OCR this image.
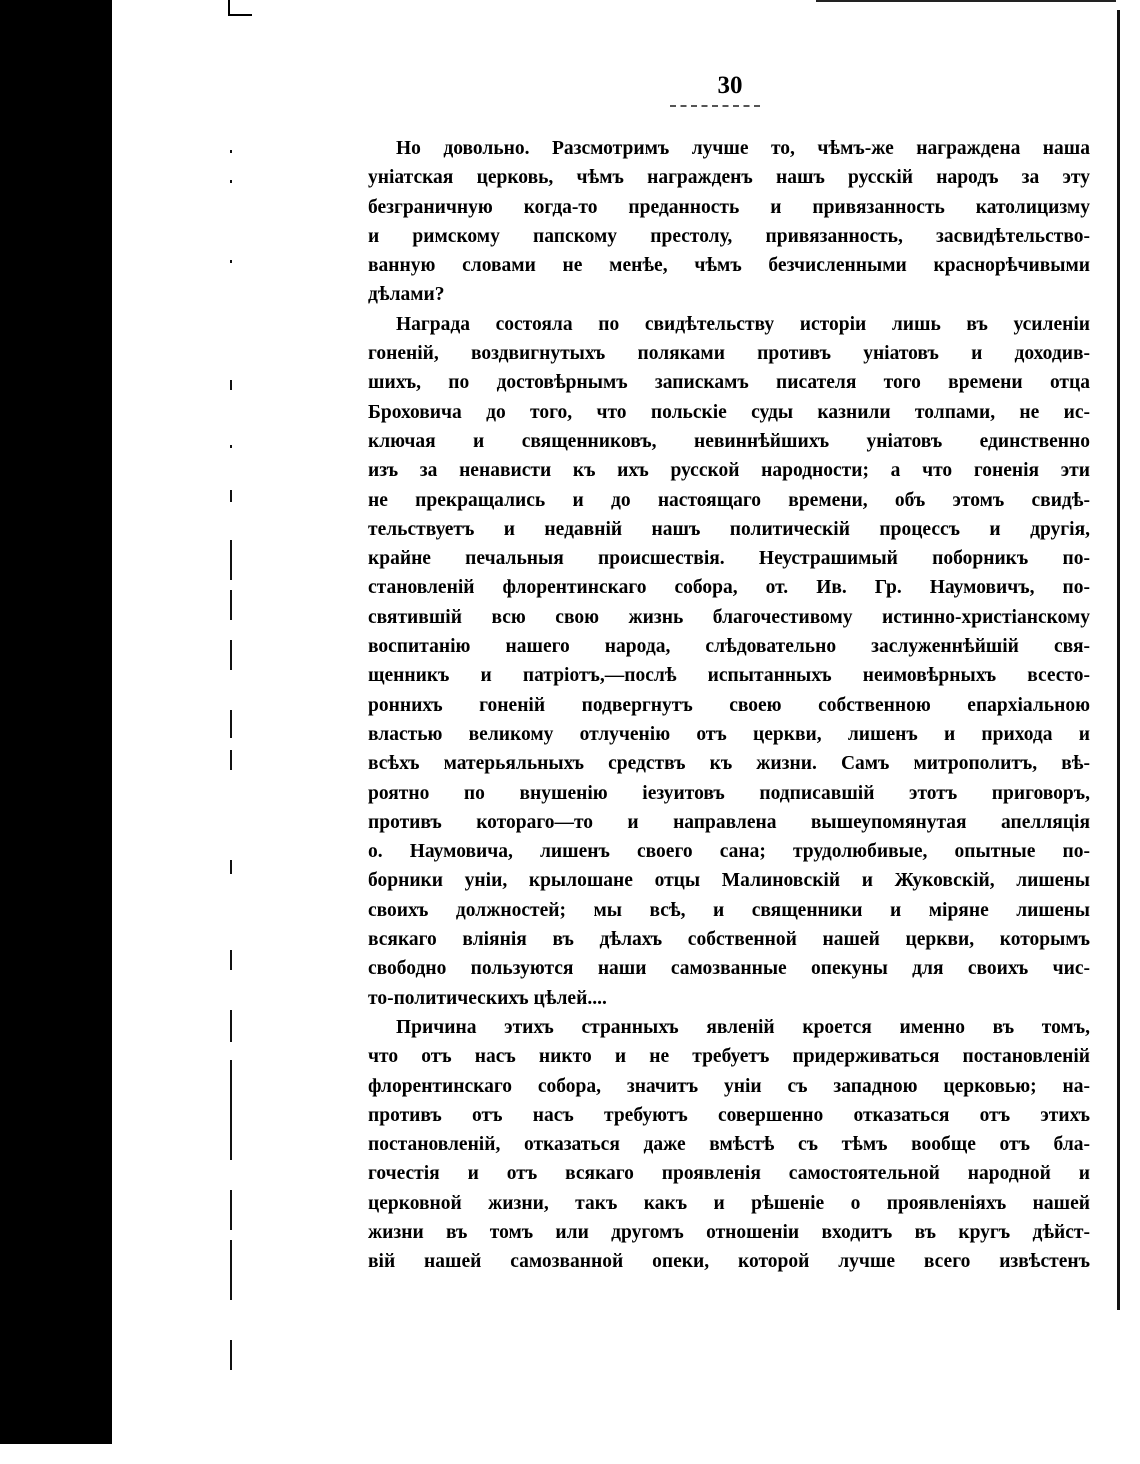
30

Но довольно. Разсмотримъ лучше то, чѣмъ-же награждена наша
уніатская церковь, чѣмъ награжденъ нашъ русскій народъ за эту
безграничную когда-то преданность и привязанность католицизму
и римскому папскому престолу, привязанность, засвидѣтельство-
ванную словами не менѣе, чѣмъ безчисленными краснорѣчивыми
дѣлами?

Награда состояла по свидѣтельству исторіи лишь въ усиленіи
гоненій, воздвигнутыхъ поляками противъ уніатовъ и доходив-
шихъ, по достовѣрнымъ запискамъ писателя того времени отца
Броховича до того, что польскіе суды казнили толпами, не ис-
ключая и священниковъ, невиннѣйшихъ уніатовъ единственно
изъ за ненависти къ ихъ русской народности; а что гоненія эти
не прекращались и до настоящаго времени, объ этомъ свидѣ-
тельствуетъ и недавній нашъ политическій процессъ и другія,
крайне печальныя происшествія. Неустрашимый поборникъ по-
становленій флорентинскаго собора, от. Ив. Гр. Наумовичъ, по-
святившій всю свою жизнь благочестивому истинно-христіанскому
воспитанію нашего народа, слѣдовательно заслуженнѣйшій свя-
щенникъ и патріотъ,—послѣ испытанныхъ неимовѣрныхъ всесто-
роннихъ гоненій подвергнутъ своею собственною епархіальною
властью великому отлученію отъ церкви, лишенъ и прихода и
всѣхъ матерьяльныхъ средствъ къ жизни. Самъ митрополитъ, вѣ-
роятно по внушенію іезуитовъ подписавшій этотъ приговоръ,
противъ котораго—то и направлена вышеупомянутая апелляція
о. Наумовича, лишенъ своего сана; трудолюбивые, опытные по-
борники уніи, крылошане отцы Малиновскій и Жуковскій, лишены
своихъ должностей; мы всѣ, и священники и міряне лишены
всякаго вліянія въ дѣлахъ собственной нашей церкви, которымъ
свободно пользуются наши самозванные опекуны для своихъ чис-
то-политическихъ цѣлей....

Причина этихъ странныхъ явленій кроется именно въ томъ,
что отъ насъ никто и не требуетъ придерживаться постановленій
флорентинскаго собора, значитъ уніи съ западною церковью; на-
противъ отъ насъ требуютъ совершенно отказаться отъ этихъ
постановленій, отказаться даже вмѣстѣ съ тѣмъ вообще отъ бла-
гочестія и отъ всякаго проявленія самостоятельной народной и
церковной жизни, такъ какъ и рѣшеніе о проявленіяхъ нашей
жизни въ томъ или другомъ отношеніи входитъ въ кругъ дѣйст-
вій нашей самозванной опеки, которой лучше всего извѣстенъ
